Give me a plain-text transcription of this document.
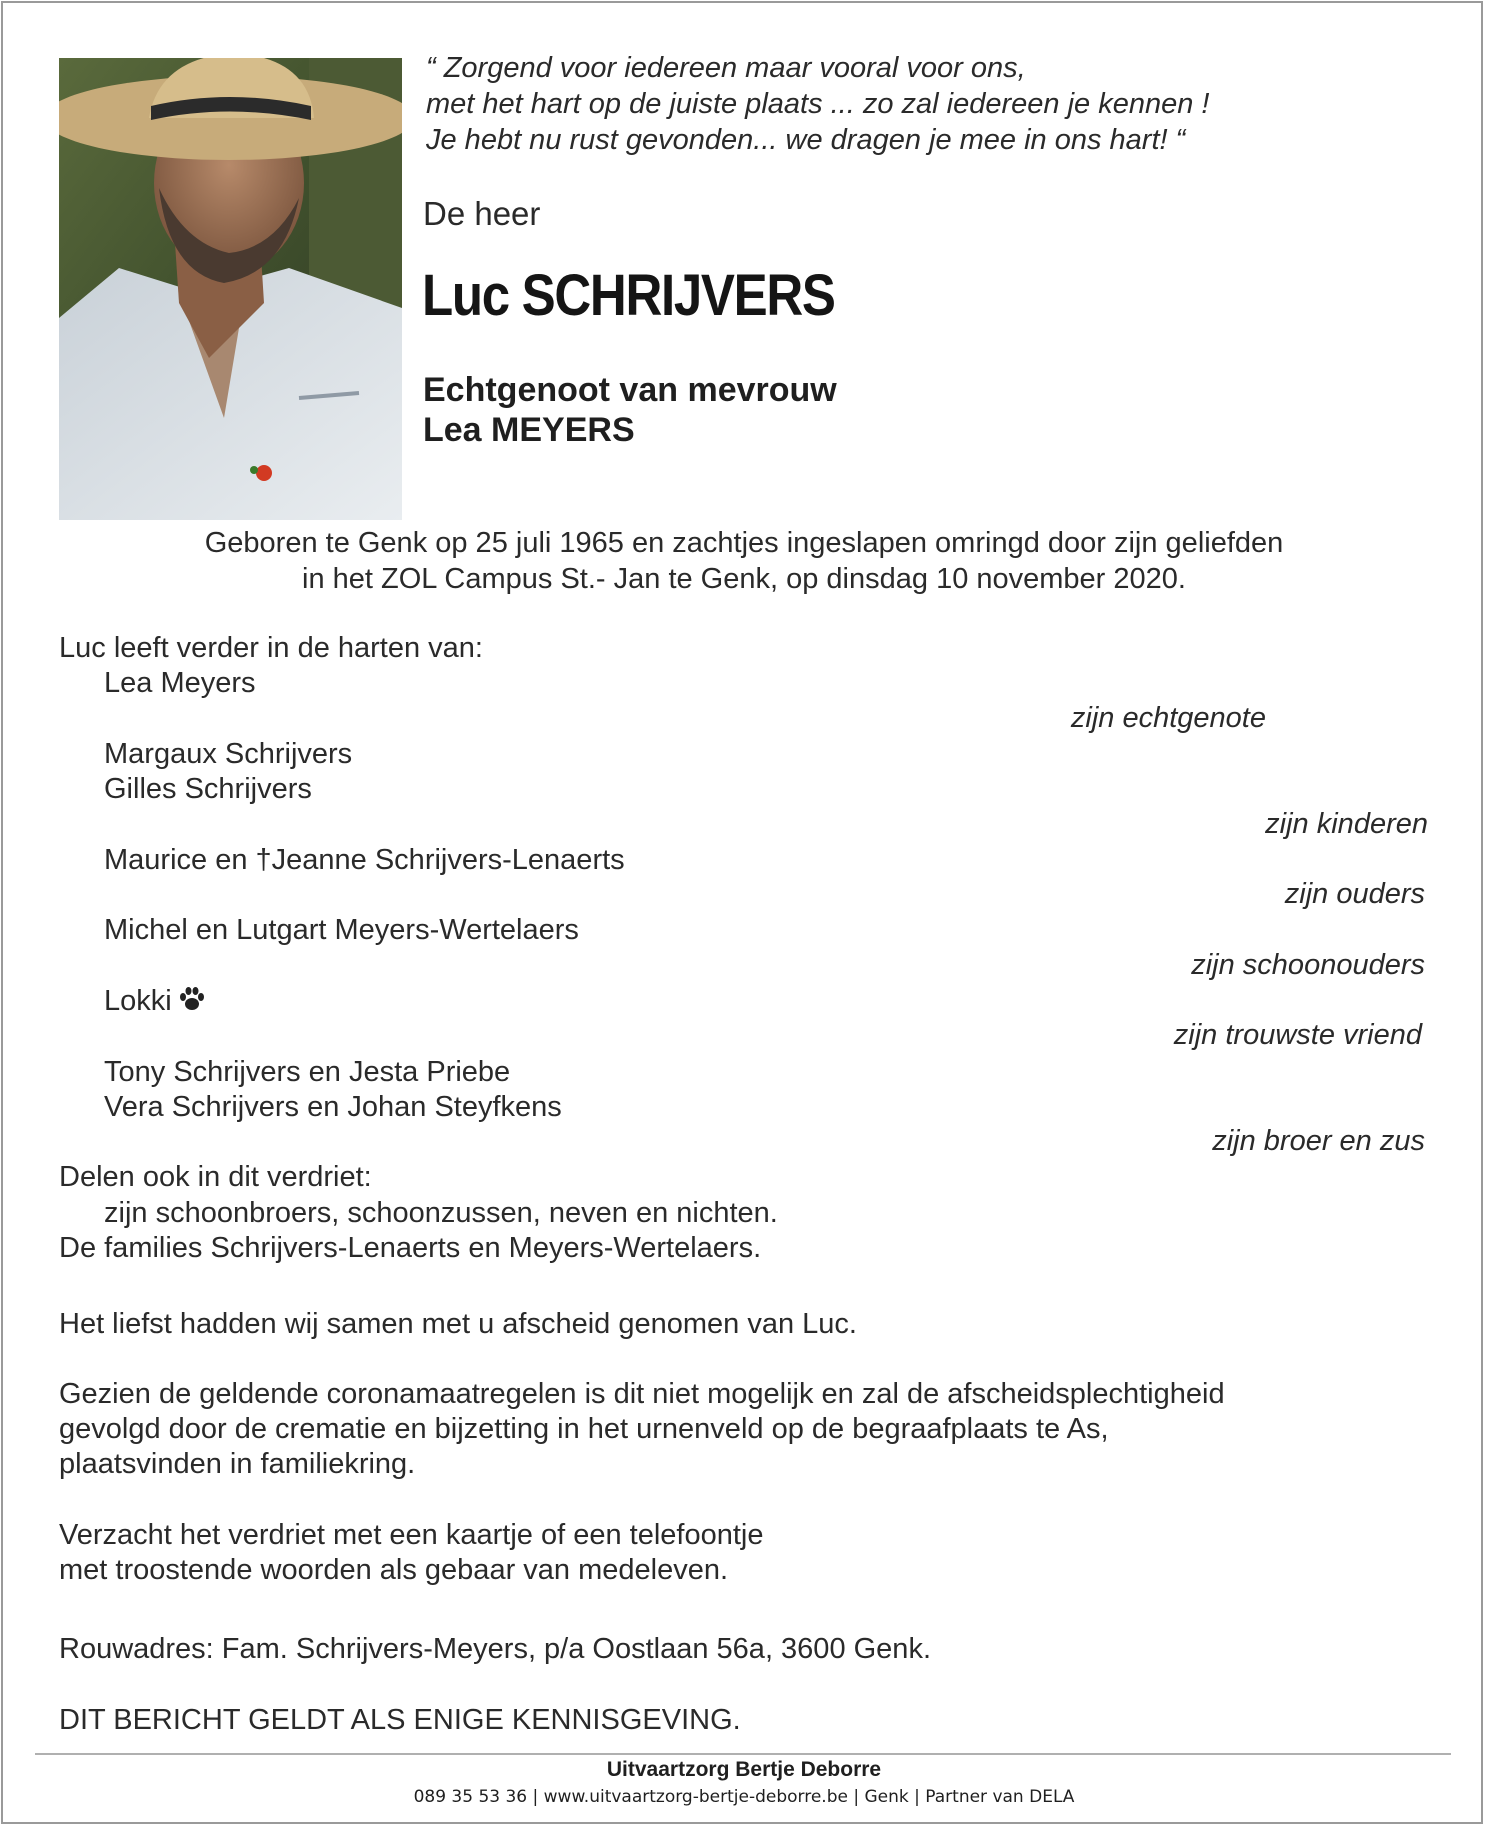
“ Zorgend voor iedereen maar vooral voor ons,
met het hart op de juiste plaats ... zo zal iedereen je kennen !
Je hebt nu rust gevonden... we dragen je mee in ons hart! “
De heer
Luc SCHRIJVERS
Echtgenoot van mevrouw
Lea MEYERS
Geboren te Genk op 25 juli 1965 en zachtjes ingeslapen omringd door zijn geliefden
in het ZOL Campus St.- Jan te Genk, op dinsdag 10 november 2020.
Luc leeft verder in de harten van:
Lea Meyers
zijn echtgenote
Margaux Schrijvers
Gilles Schrijvers
zijn kinderen
Maurice en †Jeanne Schrijvers-Lenaerts
zijn ouders
Michel en Lutgart Meyers-Wertelaers
zijn schoonouders
Lokki
zijn trouwste vriend
Tony Schrijvers en Jesta Priebe
Vera Schrijvers en Johan Steyfkens
zijn broer en zus
Delen ook in dit verdriet:
zijn schoonbroers, schoonzussen, neven en nichten.
De families Schrijvers-Lenaerts en Meyers-Wertelaers.
Het liefst hadden wij samen met u afscheid genomen van Luc.
Gezien de geldende coronamaatregelen is dit niet mogelijk en zal de afscheidsplechtigheid
gevolgd door de crematie en bijzetting in het urnenveld op de begraafplaats te As,
plaatsvinden in familiekring.
Verzacht het verdriet met een kaartje of een telefoontje
met troostende woorden als gebaar van medeleven.
Rouwadres: Fam. Schrijvers-Meyers, p/a Oostlaan 56a, 3600 Genk.
DIT BERICHT GELDT ALS ENIGE KENNISGEVING.
Uitvaartzorg Bertje Deborre
089 35 53 36 | www.uitvaartzorg-bertje-deborre.be | Genk | Partner van DELA
